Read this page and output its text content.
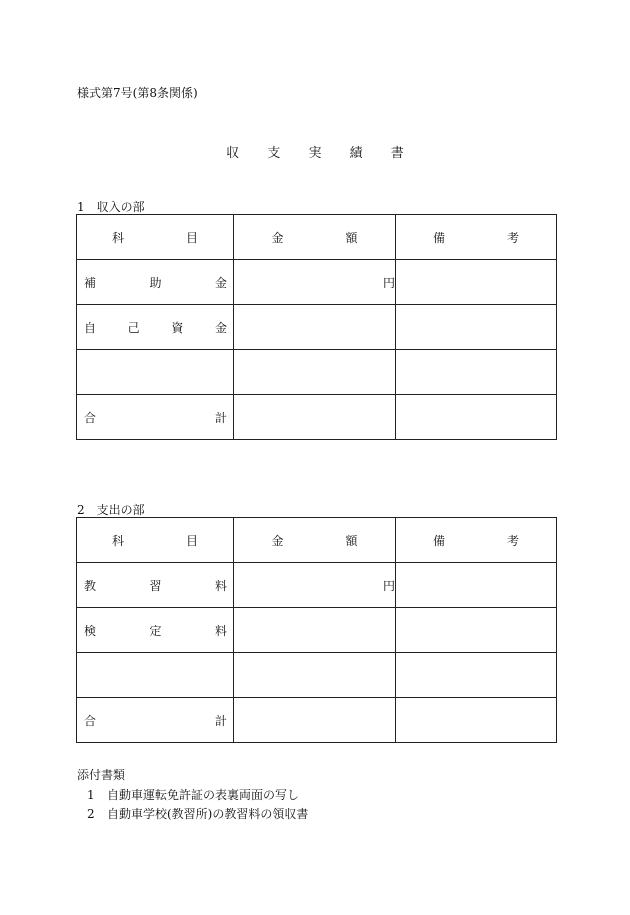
様式第7号(第8条関係)
収 支 実 績 書
1　収入の部
科 目	金 額	備 考

補 助 金	円	

自 己 資 金		

合 計		

2　支出の部
科 目	金 額	備 考

教 習 料	円	

検 定 料		

合 計		

添付書類
1 自動車運転免許証の表裏両面の写し
2 自動車学校(教習所)の教習料の領収書
